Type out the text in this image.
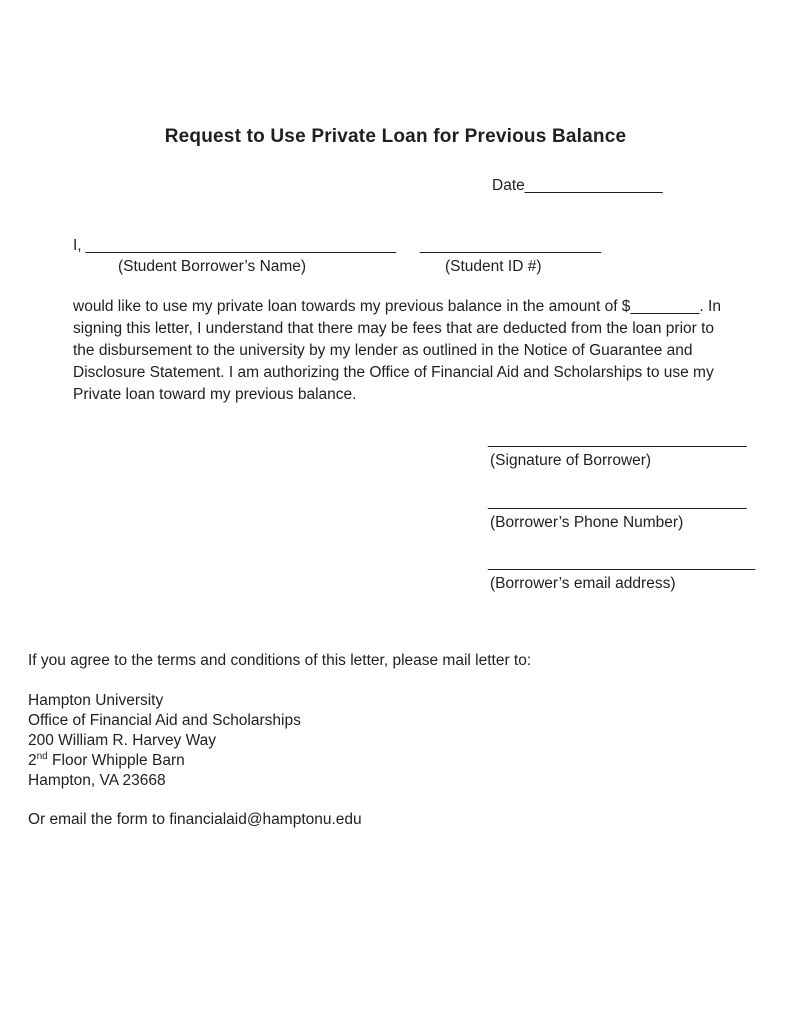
Request to Use Private Loan for Previous Balance
Date________________
I, ____________________________________ _____________________
(Student Borrower’s Name)	(Student ID #)

would like to use my private loan towards my previous balance in the amount of $________. In signing this letter, I understand that there may be fees that are deducted from the loan prior to the disbursement to the university by my lender as outlined in the Notice of Guarantee and Disclosure Statement. I am authorizing the Office of Financial Aid and Scholarships to use my Private loan toward my previous balance.

______________________________
(Signature of Borrower)
______________________________
(Borrower’s Phone Number)
_______________________________
(Borrower’s email address)
If you agree to the terms and conditions of this letter, please mail letter to:
Hampton University
Office of Financial Aid and Scholarships
200 William R. Harvey Way
2nd Floor Whipple Barn
Hampton, VA 23668
Or email the form to financialaid@hamptonu.edu
